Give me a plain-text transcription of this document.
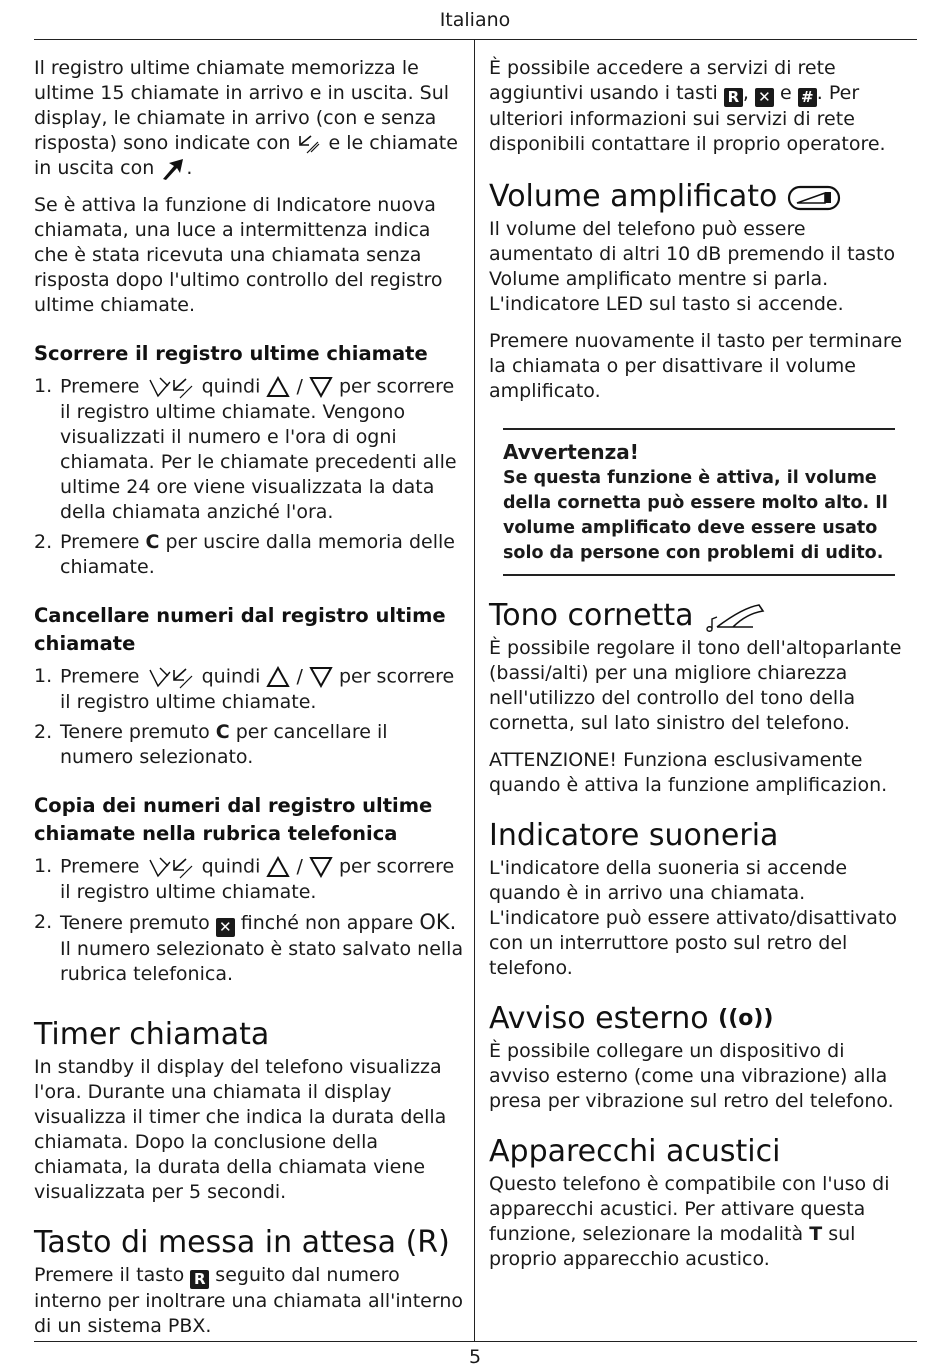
Italiano
5

Il registro ultime chiamate memorizza le ultime 15 chiamate in arrivo e in uscita. Sul display, le chiamate in arrivo (con e senza risposta) sono indicate con e le chiamate in uscita con .

Se è attiva la funzione di Indicatore nuova chiamata, una luce a intermittenza indica che è stata ricevuta una chiamata senza risposta dopo l'ultimo controllo del registro ultime chiamate.

Scorrere il registro ultime chiamate
1. Premere	quindi / per scorrere il registro ultime chiamate. Vengono visualizzati il numero e l'ora di ogni chiamata. Per le chiamate precedenti alle ultime 24 ore viene visualizzata la data della chiamata anziché l'ora.
2. Premere C per uscire dalla memoria delle chiamate.
Cancellare numeri dal registro ultime chiamate
1. Premere	quindi / per scorrere il registro ultime chiamate.
2. Tenere premuto C per cancellare il numero selezionato.
Copia dei numeri dal registro ultime chiamate nella rubrica telefonica
1. Premere	quindi / per scorrere il registro ultime chiamate.
2. Tenere premuto ✕ finché non appare OK. Il numero selezionato è stato salvato nella rubrica telefonica.
Timer chiamata

In standby il display del telefono visualizza l'ora. Durante una chiamata il display visualizza il timer che indica la durata della chiamata. Dopo la conclusione della chiamata, la durata della chiamata viene visualizzata per 5 secondi.

Tasto di messa in attesa (R)

Premere il tasto R seguito dal numero interno per inoltrare una chiamata all'interno di un sistema PBX.

È possibile accedere a servizi di rete aggiuntivi usando i tasti R , ✕ e # . Per ulteriori informazioni sui servizi di rete disponibili contattare il proprio operatore.

Volume amplificato

Il volume del telefono può essere aumentato di altri 10 dB premendo il tasto Volume amplificato mentre si parla. L'indicatore LED sul tasto si accende.

Premere nuovamente il tasto per terminare la chiamata o per disattivare il volume amplificato.

Avvertenza!
Se questa funzione è attiva, il volume della cornetta può essere molto alto. Il volume amplificato deve essere usato solo da persone con problemi di udito.
Tono cornetta

È possibile regolare il tono dell'altoparlante (bassi/alti) per una migliore chiarezza nell'utilizzo del controllo del tono della cornetta, sul lato sinistro del telefono.

ATTENZIONE! Funziona esclusivamente quando è attiva la funzione amplificazion.

Indicatore suoneria

L'indicatore della suoneria si accende quando è in arrivo una chiamata. L'indicatore può essere attivato/disattivato con un interruttore posto sul retro del telefono.

Avviso esterno ((o))

È possibile collegare un dispositivo di avviso esterno (come una vibrazione) alla presa per vibrazione sul retro del telefono.

Apparecchi acustici

Questo telefono è compatibile con l'uso di apparecchi acustici. Per attivare questa funzione, selezionare la modalità T sul proprio apparecchio acustico.
